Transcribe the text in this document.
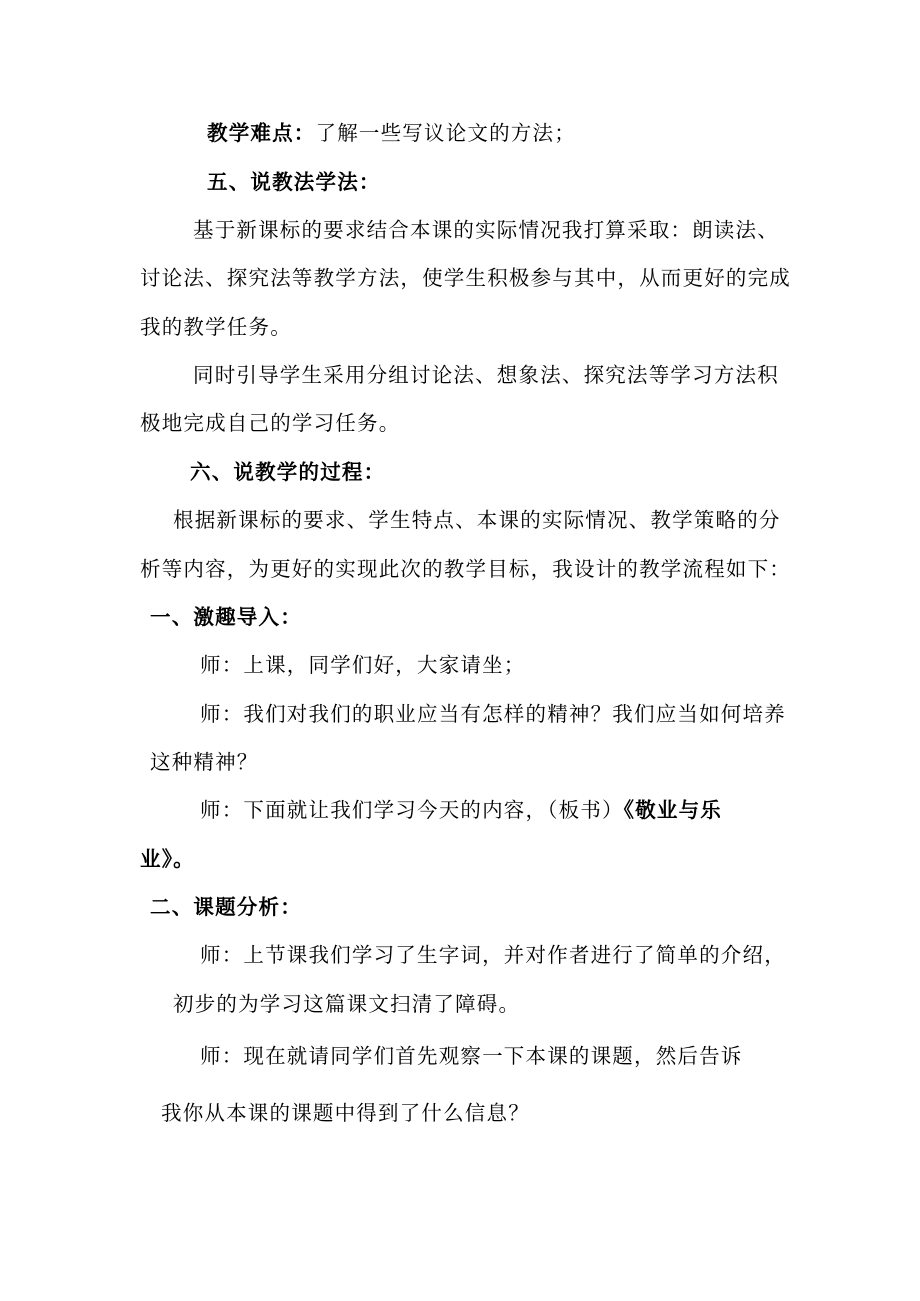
教学难点：了解一些写议论文的方法；
五、说教法学法：
基于新课标的要求结合本课的实际情况我打算采取：朗读法、
讨论法、探究法等教学方法，使学生积极参与其中，从而更好的完成
我的教学任务。
同时引导学生采用分组讨论法、想象法、探究法等学习方法积
极地完成自己的学习任务。
六、说教学的过程：
根据新课标的要求、学生特点、本课的实际情况、教学策略的分
析等内容，为更好的实现此次的教学目标，我设计的教学流程如下：
一、激趣导入：
师：上课，同学们好，大家请坐；
师：我们对我们的职业应当有怎样的精神？我们应当如何培养
这种精神？
师：下面就让我们学习今天的内容，（板书）《敬业与乐
业》。
二、课题分析：
师：上节课我们学习了生字词，并对作者进行了简单的介绍，
初步的为学习这篇课文扫清了障碍。
师：现在就请同学们首先观察一下本课的课题，然后告诉
我你从本课的课题中得到了什么信息？
